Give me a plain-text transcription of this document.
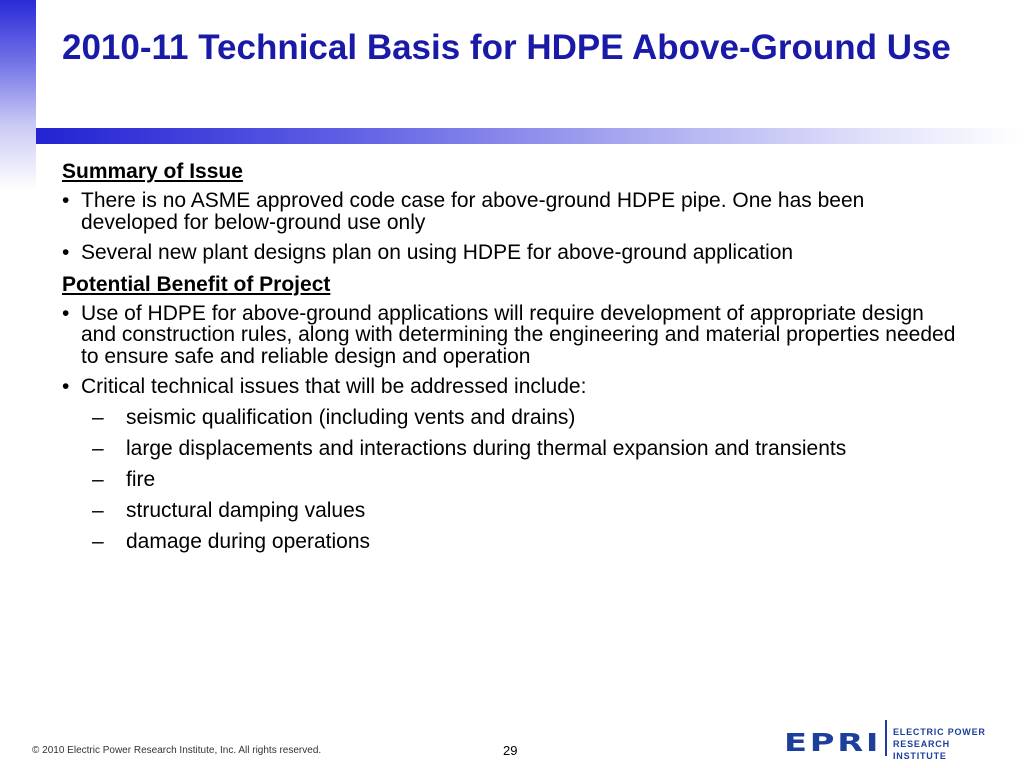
2010-11 Technical Basis for HDPE Above-Ground Use
Summary of Issue
• There is no ASME approved code case for above-ground HDPE pipe. One has been developed for below-ground use only
• Several new plant designs plan on using HDPE for above-ground application
Potential Benefit of Project
• Use of HDPE for above-ground applications will require development of appropriate design and construction rules, along with determining the engineering and material properties needed to ensure safe and reliable design and operation
• Critical technical issues that will be addressed include:
– seismic qualification (including vents and drains)
– large displacements and interactions during thermal expansion and transients
– fire
– structural damping values
– damage during operations
© 2010 Electric Power Research Institute, Inc. All rights reserved.	29	EPRI ELECTRIC POWER
RESEARCH INSTITUTE
